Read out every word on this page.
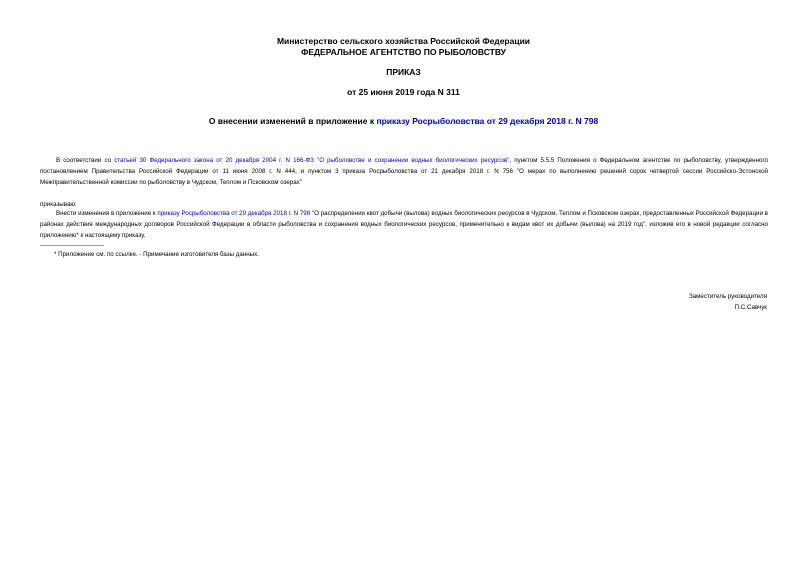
Министерство сельского хозяйства Российской Федерации
ФЕДЕРАЛЬНОЕ АГЕНТСТВО ПО РЫБОЛОВСТВУ
ПРИКАЗ
от 25 июня 2019 года N 311
О внесении изменений в приложение к приказу Росрыболовства от 29 декабря 2018 г. N 798
В соответствии со статьей 30 Федерального закона от 20 декабря 2004 г. N 166-ФЗ "О рыболовстве и сохранении водных биологических ресурсов", пунктом 5.5.5 Положения о Федеральном агентстве по рыболовству, утвержденного постановлением Правительства Российской Федерации от 11 июня 2008 г. N 444, и пунктом 3 приказа Росрыболовства от 21 декабря 2018 г. N 756 "О мерах по выполнению решений сорок четвертой сессии Российско-Эстонской Межправительственной комиссии по рыболовству в Чудском, Теплом и Псковском озерах"
приказываю:
Внести изменения в приложение к приказу Росрыболовства от 29 декабря 2018 г. N 798 "О распределении квот добычи (вылова) водных биологических ресурсов в Чудском, Теплом и Псковском озерах, предоставленных Российской Федерации в районах действия международных договоров Российской Федерации в области рыболовства и сохранения водных биологических ресурсов, применительно к видам квот их добычи (вылова) на 2019 год", изложив его в новой редакции согласно приложению* к настоящему приказу.
* Приложение см. по ссылке. - Примечание изготовителя базы данных.
Заместитель руководителя
П.С.Савчук
